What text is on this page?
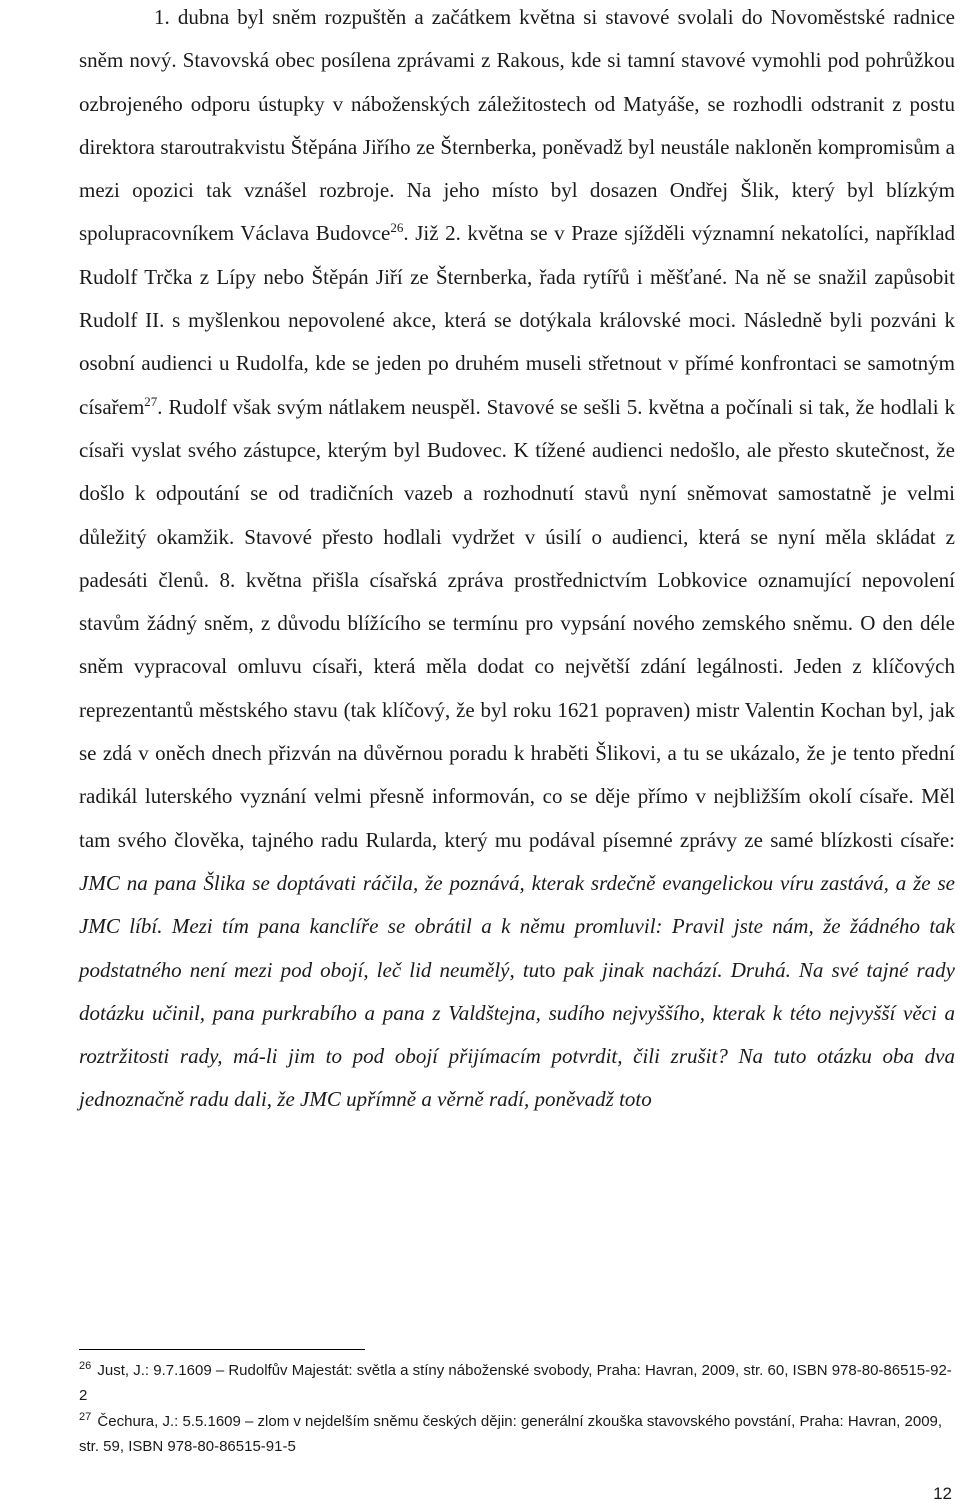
1. dubna byl sněm rozpuštěn a začátkem května si stavové svolali do Novoměstské radnice sněm nový. Stavovská obec posílena zprávami z Rakous, kde si tamní stavové vymohli pod pohrůžkou ozbrojeného odporu ústupky v náboženských záležitostech od Matyáše, se rozhodli odstranit z postu direktora staroutrakvistu Štěpána Jiřího ze Šternberka, poněvadž byl neustále nakloněn kompromisům a mezi opozici tak vznášel rozbroje. Na jeho místo byl dosazen Ondřej Šlik, který byl blízkým spolupracovníkem Václava Budovce$^{26}$. Již 2. května se v Praze sjížděli významní nekatolíci, například Rudolf Trčka z Lípy nebo Štěpán Jiří ze Šternberka, řada rytířů i měšťané. Na ně se snažil zapůsobit Rudolf II. s myšlenkou nepovolené akce, která se dotýkala královské moci. Následně byli pozváni k osobní audienci u Rudolfa, kde se jeden po druhém museli střetnout v přímé konfrontaci se samotným císařem$^{27}$. Rudolf však svým nátlakem neuspěl. Stavové se sešli 5. května a počínali si tak, že hodlali k císaři vyslat svého zástupce, kterým byl Budovec. K tížené audienci nedošlo, ale přesto skutečnost, že došlo k odpoutání se od tradičních vazeb a rozhodnutí stavů nyní sněmovat samostatně je velmi důležitý okamžik. Stavové přesto hodlali vydržet v úsilí o audienci, která se nyní měla skládat z padesáti členů. 8. května přišla císařská zpráva prostřednictvím Lobkovice oznamující nepovolení stavům žádný sněm, z důvodu blížícího se termínu pro vypsání nového zemského sněmu. O den déle sněm vypracoval omluvu císaři, která měla dodat co největší zdání legálnosti. Jeden z klíčových reprezentantů městského stavu (tak klíčový, že byl roku 1621 popraven) mistr Valentin Kochan byl, jak se zdá v oněch dnech přizván na důvěrnou poradu k hraběti Šlikovi, a tu se ukázalo, že je tento přední radikál luterského vyznání velmi přesně informován, co se děje přímo v nejbližším okolí císaře. Měl tam svého člověka, tajného radu Rularda, který mu podával písemné zprávy ze samé blízkosti císaře: JMC na pana Šlika se doptávati ráčila, že poznává, kterak srdečně evangelickou víru zastává, a že se JMC líbí. Mezi tím pana kanclíře se obrátil a k němu promluvil: Pravil jste nám, že žádného tak podstatného není mezi pod obojí, leč lid neumělý, tuto pak jinak nachází. Druhá. Na své tajné rady dotázku učinil, pana purkrabího a pana z Valdštejna, sudího nejvyššího, kterak k této nejvyšší věci a roztržitosti rady, má-li jim to pod obojí přijímacím potvrdit, čili zrušit? Na tuto otázku oba dva jednoznačně radu dali, že JMC upřímně a věrně radí, poněvadž toto

$^{26}$ Just, J.: 9.7.1609 – Rudolfův Majestát: světla a stíny náboženské svobody, Praha: Havran, 2009, str. 60, ISBN 978-80-86515-92-2
$^{27}$ Čechura, J.: 5.5.1609 – zlom v nejdelším sněmu českých dějin: generální zkouška stavovského povstání, Praha: Havran, 2009, str. 59, ISBN 978-80-86515-91-5
12
